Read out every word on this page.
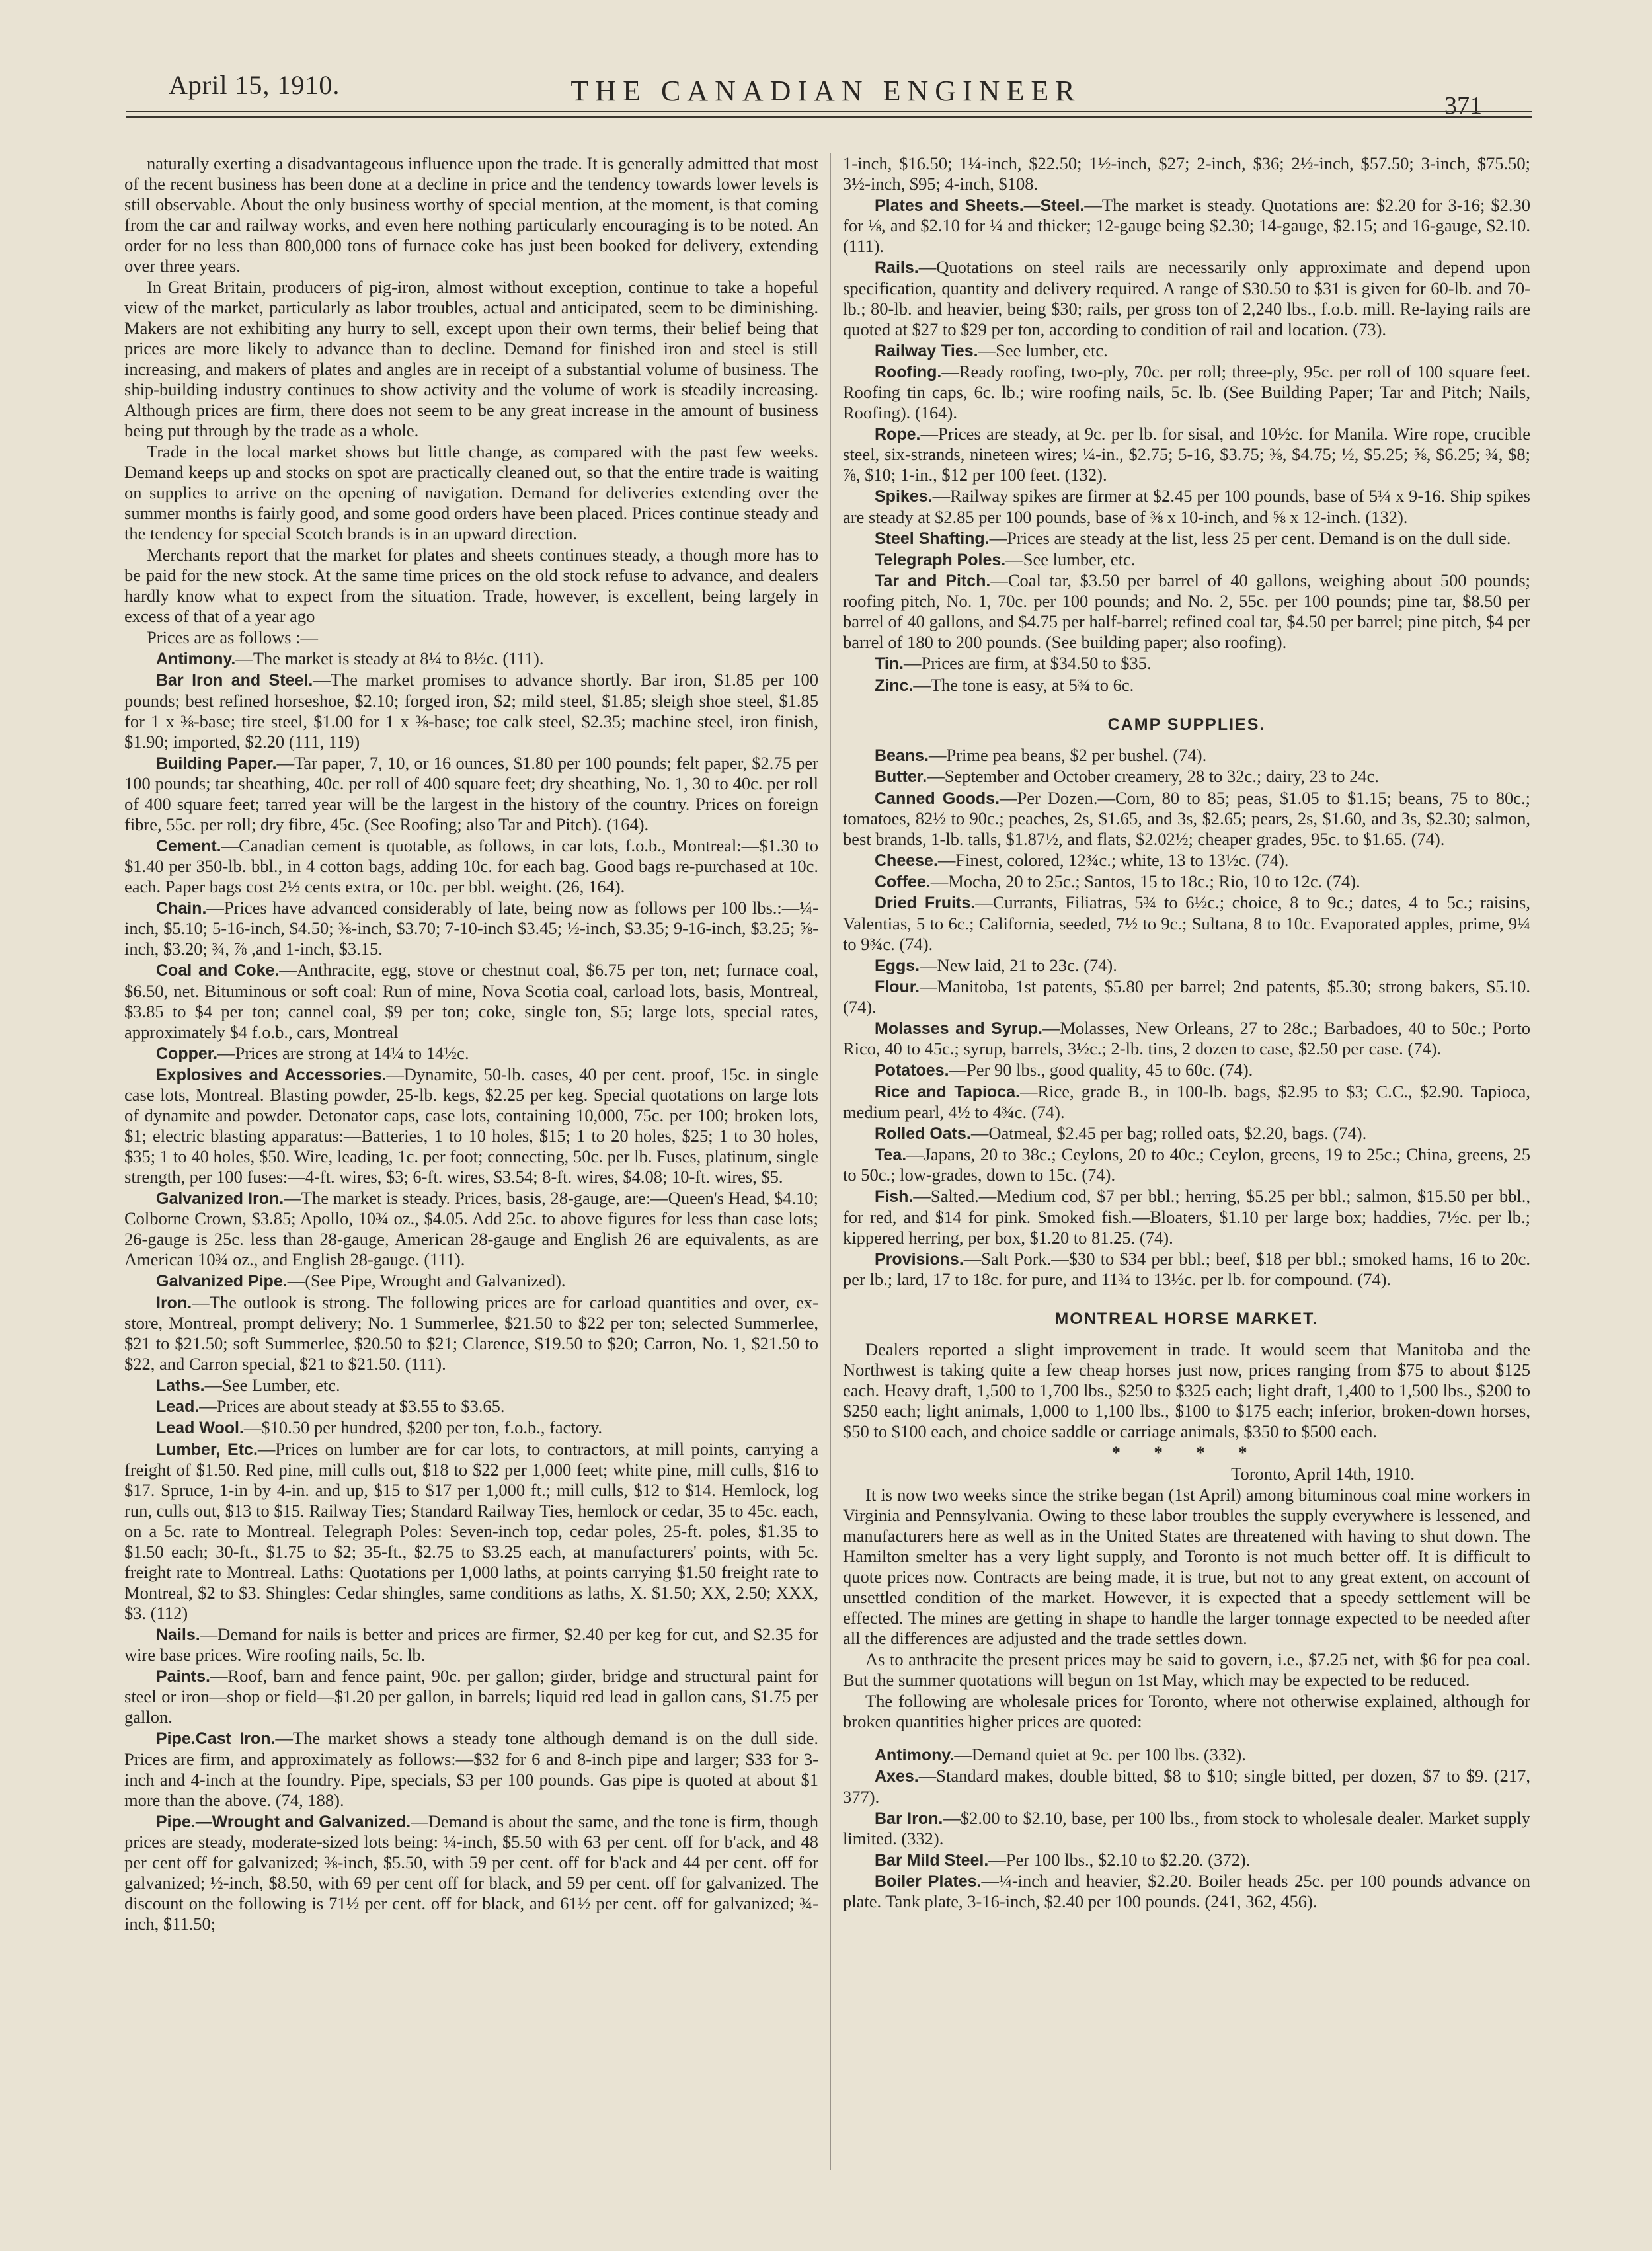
April 15, 1910.	THE CANADIAN ENGINEER	371

naturally exerting a disadvantageous influence upon the trade. It is generally admitted that most of the recent business has been done at a decline in price and the tendency towards lower levels is still observable. About the only business worthy of special mention, at the moment, is that coming from the car and railway works, and even here nothing particularly encouraging is to be noted. An order for no less than 800,000 tons of furnace coke has just been booked for delivery, extending over three years.

In Great Britain, producers of pig-iron, almost without exception, continue to take a hopeful view of the market, particularly as labor troubles, actual and anticipated, seem to be diminishing. Makers are not exhibiting any hurry to sell, except upon their own terms, their belief being that prices are more likely to advance than to decline. Demand for finished iron and steel is still increasing, and makers of plates and angles are in receipt of a substantial volume of business. The ship-building industry continues to show activity and the volume of work is steadily increasing. Although prices are firm, there does not seem to be any great increase in the amount of business being put through by the trade as a whole.

Trade in the local market shows but little change, as compared with the past few weeks. Demand keeps up and stocks on spot are practically cleaned out, so that the entire trade is waiting on supplies to arrive on the opening of navigation. Demand for deliveries extending over the summer months is fairly good, and some good orders have been placed. Prices continue steady and the tendency for special Scotch brands is in an upward direction.

Merchants report that the market for plates and sheets continues steady, a though more has to be paid for the new stock. At the same time prices on the old stock refuse to advance, and dealers hardly know what to expect from the situation. Trade, however, is excellent, being largely in excess of that of a year ago

Prices are as follows :—

Antimony.—The market is steady at 8¼ to 8½c. (111).

Bar Iron and Steel.—The market promises to advance shortly. Bar iron, $1.85 per 100 pounds; best refined horseshoe, $2.10; forged iron, $2; mild steel, $1.85; sleigh shoe steel, $1.85 for 1 x ⅜-base; tire steel, $1.00 for 1 x ⅜-base; toe calk steel, $2.35; machine steel, iron finish, $1.90; imported, $2.20 (111, 119)

Building Paper.—Tar paper, 7, 10, or 16 ounces, $1.80 per 100 pounds; felt paper, $2.75 per 100 pounds; tar sheathing, 40c. per roll of 400 square feet; dry sheathing, No. 1, 30 to 40c. per roll of 400 square feet; tarred year will be the largest in the history of the country. Prices on foreign fibre, 55c. per roll; dry fibre, 45c. (See Roofing; also Tar and Pitch). (164).

Cement.—Canadian cement is quotable, as follows, in car lots, f.o.b., Montreal:—$1.30 to $1.40 per 350-lb. bbl., in 4 cotton bags, adding 10c. for each bag. Good bags re-purchased at 10c. each. Paper bags cost 2½ cents extra, or 10c. per bbl. weight. (26, 164).

Chain.—Prices have advanced considerably of late, being now as follows per 100 lbs.:—¼-inch, $5.10; 5-16-inch, $4.50; ⅜-inch, $3.70; 7-10-inch $3.45; ½-inch, $3.35; 9-16-inch, $3.25; ⅝-inch, $3.20; ¾, ⅞ ,and 1-inch, $3.15.

Coal and Coke.—Anthracite, egg, stove or chestnut coal, $6.75 per ton, net; furnace coal, $6.50, net. Bituminous or soft coal: Run of mine, Nova Scotia coal, carload lots, basis, Montreal, $3.85 to $4 per ton; cannel coal, $9 per ton; coke, single ton, $5; large lots, special rates, approximately $4 f.o.b., cars, Montreal

Copper.—Prices are strong at 14¼ to 14½c.

Explosives and Accessories.—Dynamite, 50-lb. cases, 40 per cent. proof, 15c. in single case lots, Montreal. Blasting powder, 25-lb. kegs, $2.25 per keg. Special quotations on large lots of dynamite and powder. Detonator caps, case lots, containing 10,000, 75c. per 100; broken lots, $1; electric blasting apparatus:—Batteries, 1 to 10 holes, $15; 1 to 20 holes, $25; 1 to 30 holes, $35; 1 to 40 holes, $50. Wire, leading, 1c. per foot; connecting, 50c. per lb. Fuses, platinum, single strength, per 100 fuses:—4-ft. wires, $3; 6-ft. wires, $3.54; 8-ft. wires, $4.08; 10-ft. wires, $5.

Galvanized Iron.—The market is steady. Prices, basis, 28-gauge, are:—Queen's Head, $4.10; Colborne Crown, $3.85; Apollo, 10¾ oz., $4.05. Add 25c. to above figures for less than case lots; 26-gauge is 25c. less than 28-gauge, American 28-gauge and English 26 are equivalents, as are American 10¾ oz., and English 28-gauge. (111).

Galvanized Pipe.—(See Pipe, Wrought and Galvanized).

Iron.—The outlook is strong. The following prices are for carload quantities and over, ex-store, Montreal, prompt delivery; No. 1 Summerlee, $21.50 to $22 per ton; selected Summerlee, $21 to $21.50; soft Summerlee, $20.50 to $21; Clarence, $19.50 to $20; Carron, No. 1, $21.50 to $22, and Carron special, $21 to $21.50. (111).

Laths.—See Lumber, etc.

Lead.—Prices are about steady at $3.55 to $3.65.

Lead Wool.—$10.50 per hundred, $200 per ton, f.o.b., factory.

Lumber, Etc.—Prices on lumber are for car lots, to contractors, at mill points, carrying a freight of $1.50. Red pine, mill culls out, $18 to $22 per 1,000 feet; white pine, mill culls, $16 to $17. Spruce, 1-in by 4-in. and up, $15 to $17 per 1,000 ft.; mill culls, $12 to $14. Hemlock, log run, culls out, $13 to $15. Railway Ties; Standard Railway Ties, hemlock or cedar, 35 to 45c. each, on a 5c. rate to Montreal. Telegraph Poles: Seven-inch top, cedar poles, 25-ft. poles, $1.35 to $1.50 each; 30-ft., $1.75 to $2; 35-ft., $2.75 to $3.25 each, at manufacturers' points, with 5c. freight rate to Montreal. Laths: Quotations per 1,000 laths, at points carrying $1.50 freight rate to Montreal, $2 to $3. Shingles: Cedar shingles, same conditions as laths, X. $1.50; XX, 2.50; XXX, $3. (112)

Nails.—Demand for nails is better and prices are firmer, $2.40 per keg for cut, and $2.35 for wire base prices. Wire roofing nails, 5c. lb.

Paints.—Roof, barn and fence paint, 90c. per gallon; girder, bridge and structural paint for steel or iron—shop or field—$1.20 per gallon, in barrels; liquid red lead in gallon cans, $1.75 per gallon.

Pipe.Cast Iron.—The market shows a steady tone although demand is on the dull side. Prices are firm, and approximately as follows:—$32 for 6 and 8-inch pipe and larger; $33 for 3-inch and 4-inch at the foundry. Pipe, specials, $3 per 100 pounds. Gas pipe is quoted at about $1 more than the above. (74, 188).

Pipe.—Wrought and Galvanized.—Demand is about the same, and the tone is firm, though prices are steady, moderate-sized lots being: ¼-inch, $5.50 with 63 per cent. off for b'ack, and 48 per cent off for galvanized; ⅜-inch, $5.50, with 59 per cent. off for b'ack and 44 per cent. off for galvanized; ½-inch, $8.50, with 69 per cent off for black, and 59 per cent. off for galvanized. The discount on the following is 71½ per cent. off for black, and 61½ per cent. off for galvanized; ¾-inch, $11.50;

1-inch, $16.50; 1¼-inch, $22.50; 1½-inch, $27; 2-inch, $36; 2½-inch, $57.50; 3-inch, $75.50; 3½-inch, $95; 4-inch, $108.

Plates and Sheets.—Steel.—The market is steady. Quotations are: $2.20 for 3-16; $2.30 for ⅛, and $2.10 for ¼ and thicker; 12-gauge being $2.30; 14-gauge, $2.15; and 16-gauge, $2.10. (111).

Rails.—Quotations on steel rails are necessarily only approximate and depend upon specification, quantity and delivery required. A range of $30.50 to $31 is given for 60-lb. and 70-lb.; 80-lb. and heavier, being $30; rails, per gross ton of 2,240 lbs., f.o.b. mill. Re-laying rails are quoted at $27 to $29 per ton, according to condition of rail and location. (73).

Railway Ties.—See lumber, etc.

Roofing.—Ready roofing, two-ply, 70c. per roll; three-ply, 95c. per roll of 100 square feet. Roofing tin caps, 6c. lb.; wire roofing nails, 5c. lb. (See Building Paper; Tar and Pitch; Nails, Roofing). (164).

Rope.—Prices are steady, at 9c. per lb. for sisal, and 10½c. for Manila. Wire rope, crucible steel, six-strands, nineteen wires; ¼-in., $2.75; 5-16, $3.75; ⅜, $4.75; ½, $5.25; ⅝, $6.25; ¾, $8; ⅞, $10; 1-in., $12 per 100 feet. (132).

Spikes.—Railway spikes are firmer at $2.45 per 100 pounds, base of 5¼ x 9-16. Ship spikes are steady at $2.85 per 100 pounds, base of ⅜ x 10-inch, and ⅝ x 12-inch. (132).

Steel Shafting.—Prices are steady at the list, less 25 per cent. Demand is on the dull side.

Telegraph Poles.—See lumber, etc.

Tar and Pitch.—Coal tar, $3.50 per barrel of 40 gallons, weighing about 500 pounds; roofing pitch, No. 1, 70c. per 100 pounds; and No. 2, 55c. per 100 pounds; pine tar, $8.50 per barrel of 40 gallons, and $4.75 per half-barrel; refined coal tar, $4.50 per barrel; pine pitch, $4 per barrel of 180 to 200 pounds. (See building paper; also roofing).

Tin.—Prices are firm, at $34.50 to $35.

Zinc.—The tone is easy, at 5¾ to 6c.

CAMP SUPPLIES.

Beans.—Prime pea beans, $2 per bushel. (74).

Butter.—September and October creamery, 28 to 32c.; dairy, 23 to 24c.

Canned Goods.—Per Dozen.—Corn, 80 to 85; peas, $1.05 to $1.15; beans, 75 to 80c.; tomatoes, 82½ to 90c.; peaches, 2s, $1.65, and 3s, $2.65; pears, 2s, $1.60, and 3s, $2.30; salmon, best brands, 1-lb. talls, $1.87½, and flats, $2.02½; cheaper grades, 95c. to $1.65. (74).

Cheese.—Finest, colored, 12¾c.; white, 13 to 13½c. (74).

Coffee.—Mocha, 20 to 25c.; Santos, 15 to 18c.; Rio, 10 to 12c. (74).

Dried Fruits.—Currants, Filiatras, 5¾ to 6½c.; choice, 8 to 9c.; dates, 4 to 5c.; raisins, Valentias, 5 to 6c.; California, seeded, 7½ to 9c.; Sultana, 8 to 10c. Evaporated apples, prime, 9¼ to 9¾c. (74).

Eggs.—New laid, 21 to 23c. (74).

Flour.—Manitoba, 1st patents, $5.80 per barrel; 2nd patents, $5.30; strong bakers, $5.10. (74).

Molasses and Syrup.—Molasses, New Orleans, 27 to 28c.; Barbadoes, 40 to 50c.; Porto Rico, 40 to 45c.; syrup, barrels, 3½c.; 2-lb. tins, 2 dozen to case, $2.50 per case. (74).

Potatoes.—Per 90 lbs., good quality, 45 to 60c. (74).

Rice and Tapioca.—Rice, grade B., in 100-lb. bags, $2.95 to $3; C.C., $2.90. Tapioca, medium pearl, 4½ to 4¾c. (74).

Rolled Oats.—Oatmeal, $2.45 per bag; rolled oats, $2.20, bags. (74).

Tea.—Japans, 20 to 38c.; Ceylons, 20 to 40c.; Ceylon, greens, 19 to 25c.; China, greens, 25 to 50c.; low-grades, down to 15c. (74).

Fish.—Salted.—Medium cod, $7 per bbl.; herring, $5.25 per bbl.; salmon, $15.50 per bbl., for red, and $14 for pink. Smoked fish.—Bloaters, $1.10 per large box; haddies, 7½c. per lb.; kippered herring, per box, $1.20 to 81.25. (74).

Provisions.—Salt Pork.—$30 to $34 per bbl.; beef, $18 per bbl.; smoked hams, 16 to 20c. per lb.; lard, 17 to 18c. for pure, and 11¾ to 13½c. per lb. for compound. (74).

MONTREAL HORSE MARKET.

Dealers reported a slight improvement in trade. It would seem that Manitoba and the Northwest is taking quite a few cheap horses just now, prices ranging from $75 to about $125 each. Heavy draft, 1,500 to 1,700 lbs., $250 to $325 each; light draft, 1,400 to 1,500 lbs., $200 to $250 each; light animals, 1,000 to 1,100 lbs., $100 to $175 each; inferior, broken-down horses, $50 to $100 each, and choice saddle or carriage animals, $350 to $500 each.

* * * *

Toronto, April 14th, 1910.

It is now two weeks since the strike began (1st April) among bituminous coal mine workers in Virginia and Pennsylvania. Owing to these labor troubles the supply everywhere is lessened, and manufacturers here as well as in the United States are threatened with having to shut down. The Hamilton smelter has a very light supply, and Toronto is not much better off. It is difficult to quote prices now. Contracts are being made, it is true, but not to any great extent, on account of unsettled condition of the market. However, it is expected that a speedy settlement will be effected. The mines are getting in shape to handle the larger tonnage expected to be needed after all the differences are adjusted and the trade settles down.

As to anthracite the present prices may be said to govern, i.e., $7.25 net, with $6 for pea coal. But the summer quotations will begun on 1st May, which may be expected to be reduced.

The following are wholesale prices for Toronto, where not otherwise explained, although for broken quantities higher prices are quoted:

Antimony.—Demand quiet at 9c. per 100 lbs. (332).

Axes.—Standard makes, double bitted, $8 to $10; single bitted, per dozen, $7 to $9. (217, 377).

Bar Iron.—$2.00 to $2.10, base, per 100 lbs., from stock to wholesale dealer. Market supply limited. (332).

Bar Mild Steel.—Per 100 lbs., $2.10 to $2.20. (372).

Boiler Plates.—¼-inch and heavier, $2.20. Boiler heads 25c. per 100 pounds advance on plate. Tank plate, 3-16-inch, $2.40 per 100 pounds. (241, 362, 456).
